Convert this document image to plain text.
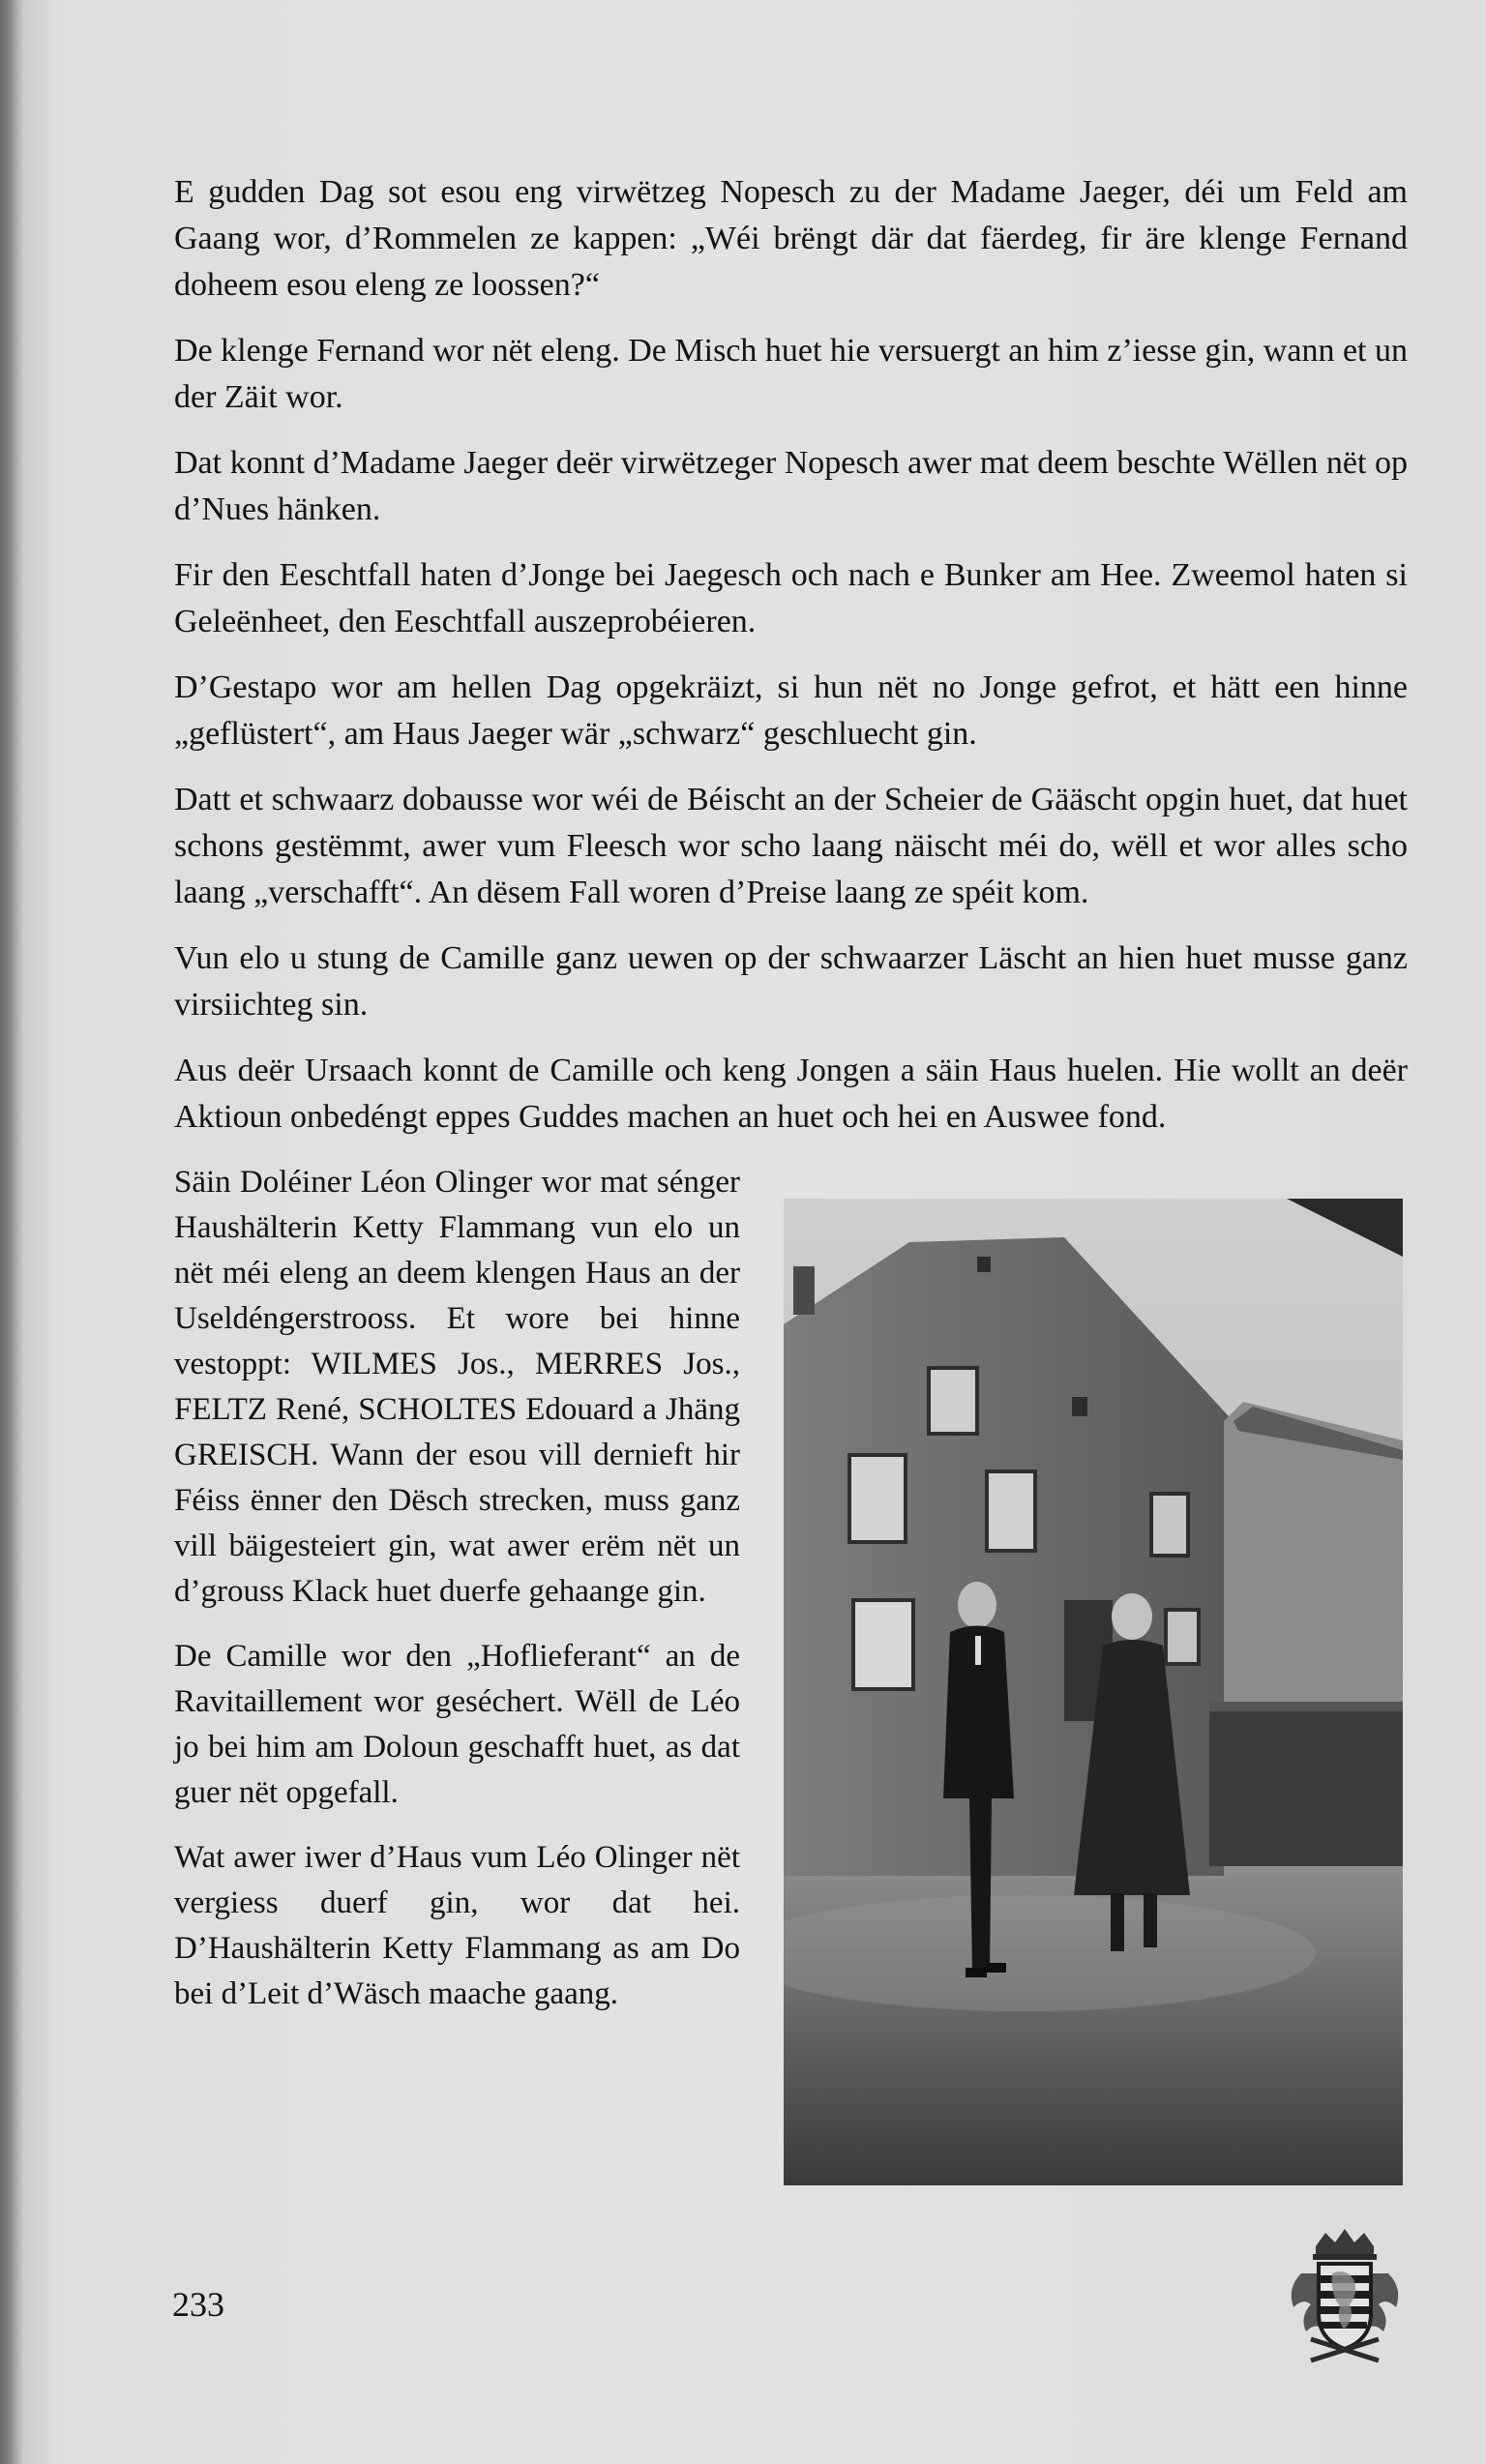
E gudden Dag sot esou eng virwëtzeg Nopesch zu der Madame Jaeger, déi um Feld am Gaang wor, d’Rommelen ze kappen: „Wéi brëngt där dat fäerdeg, fir äre klenge Fernand doheem esou eleng ze loossen?“

De klenge Fernand wor nët eleng. De Misch huet hie versuergt an him z’iesse gin, wann et un der Zäit wor.

Dat konnt d’Madame Jaeger deër virwëtzeger Nopesch awer mat deem beschte Wëllen nët op d’Nues hänken.

Fir den Eeschtfall haten d’Jonge bei Jaegesch och nach e Bunker am Hee. Zweemol haten si Geleënheet, den Eeschtfall auszeprobéieren.

D’Gestapo wor am hellen Dag opgekräizt, si hun nët no Jonge gefrot, et hätt een hinne „geflüstert“, am Haus Jaeger wär „schwarz“ geschluecht gin.

Datt et schwaarz dobausse wor wéi de Béischt an der Scheier de Gääscht opgin huet, dat huet schons gestëmmt, awer vum Fleesch wor scho laang näischt méi do, wëll et wor alles scho laang „verschafft“. An dësem Fall woren d’Preise laang ze spéit kom.

Vun elo u stung de Camille ganz uewen op der schwaarzer Läscht an hien huet musse ganz virsiichteg sin.

Aus deër Ursaach konnt de Camille och keng Jongen a säin Haus huelen. Hie wollt an deër Aktioun onbedéngt eppes Guddes machen an huet och hei en Auswee fond.

Säin Doléiner Léon Olinger wor mat sénger Haushälterin Ketty Flammang vun elo un nët méi eleng an deem klengen Haus an der Useldéngerstrooss. Et wore bei hinne vestoppt: WILMES Jos., MERRES Jos., FELTZ René, SCHOLTES Edouard a Jhäng GREISCH. Wann der esou vill dernieft hir Féiss ënner den Dësch strecken, muss ganz vill bäigesteiert gin, wat awer erëm nët un d’grouss Klack huet duerfe gehaange gin.

De Camille wor den „Hoflieferant“ an de Ravitaillement wor geséchert. Wëll de Léo jo bei him am Doloun geschafft huet, as dat guer nët opgefall.

Wat awer iwer d’Haus vum Léo Olinger nët vergiess duerf gin, wor dat hei. D’Haushälterin Ketty Flammang as am Do bei d’Leit d’Wäsch maache gaang.

233
